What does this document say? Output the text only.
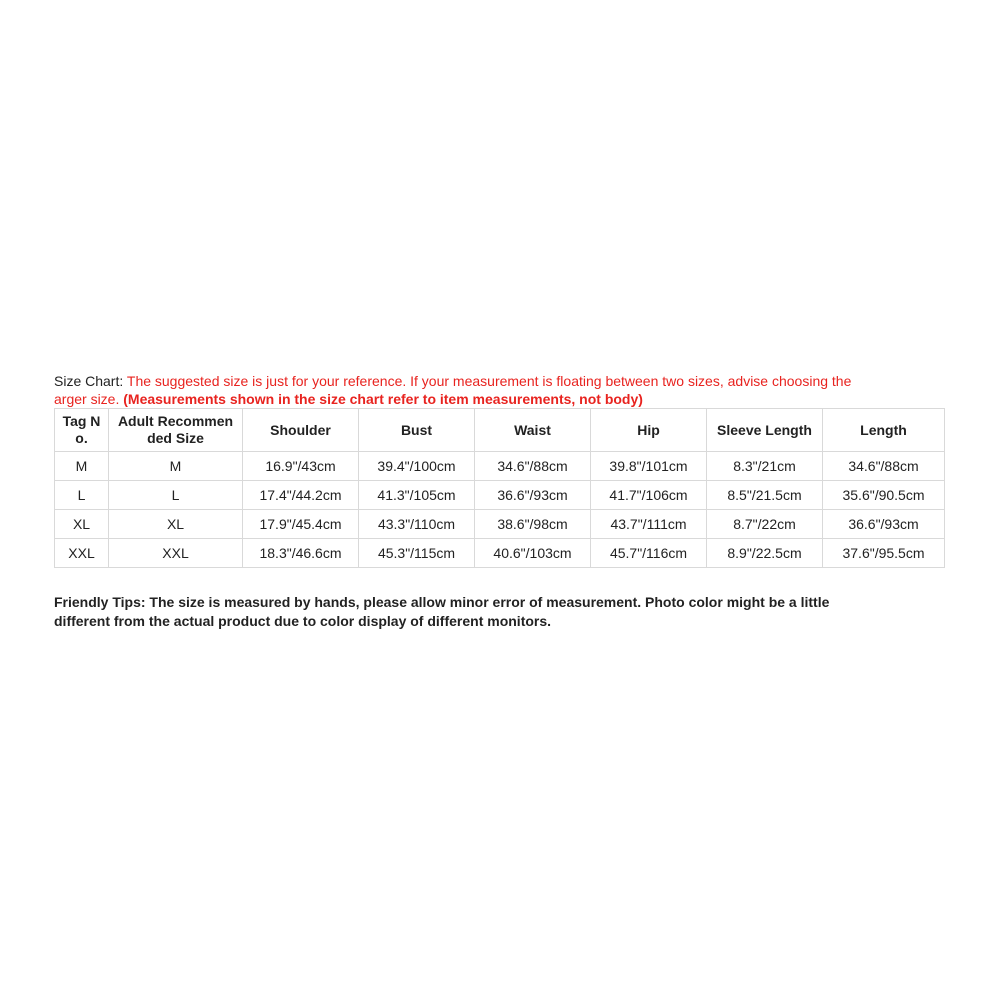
Size Chart: The suggested size is just for your reference. If your measurement is floating between two sizes, advise choosing the
arger size. (Measurements shown in the size chart refer to item measurements, not body)
Tag N o.	Adult Recommen ded Size	Shoulder	Bust	Waist	Hip	Sleeve Length	Length
M	M	16.9"/43cm	39.4"/100cm	34.6"/88cm	39.8"/101cm	8.3"/21cm	34.6"/88cm
L	L	17.4"/44.2cm	41.3"/105cm	36.6"/93cm	41.7"/106cm	8.5"/21.5cm	35.6"/90.5cm
XL	XL	17.9"/45.4cm	43.3"/110cm	38.6"/98cm	43.7"/111cm	8.7"/22cm	36.6"/93cm
XXL	XXL	18.3"/46.6cm	45.3"/115cm	40.6"/103cm	45.7"/116cm	8.9"/22.5cm	37.6"/95.5cm
Friendly Tips: The size is measured by hands, please allow minor error of measurement. Photo color might be a little
different from the actual product due to color display of different monitors.
